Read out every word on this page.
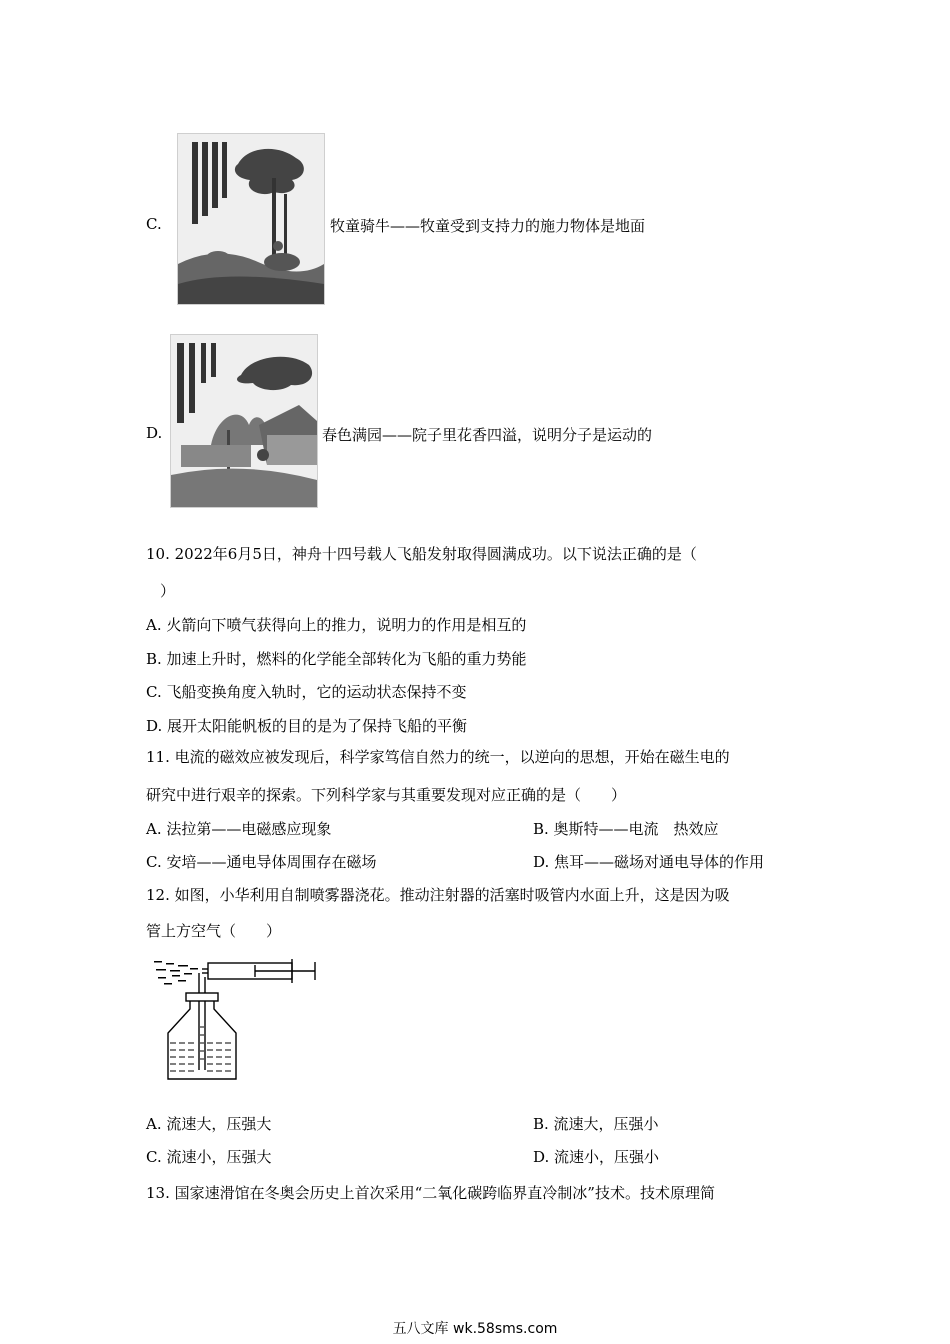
C.	牧童骑牛——牧童受到支持力的施力物体是地面
D.	春色满园——院子里花香四溢，说明分子是运动的
10. 2022年6月5日，神舟十四号载人飞船发射取得圆满成功。以下说法正确的是（
）
A. 火箭向下喷气获得向上的推力，说明力的作用是相互的
B. 加速上升时，燃料的化学能全部转化为飞船的重力势能
C. 飞船变换角度入轨时，它的运动状态保持不变
D. 展开太阳能帆板的目的是为了保持飞船的平衡
11. 电流的磁效应被发现后，科学家笃信自然力的统一，以逆向的思想，开始在磁生电的
研究中进行艰辛的探索。下列科学家与其重要发现对应正确的是（　　）
A. 法拉第——电磁感应现象	B. 奥斯特——电流　热效应
C. 安培——通电导体周围存在磁场	D. 焦耳——磁场对通电导体的作用
12. 如图，小华利用自制喷雾器浇花。推动注射器的活塞时吸管内水面上升，这是因为吸
管上方空气（　　）
A. 流速大，压强大	B. 流速大，压强小
C. 流速小，压强大	D. 流速小，压强小
13. 国家速滑馆在冬奥会历史上首次采用“二氧化碳跨临界直冷制冰”技术。技术原理简
五八文库 wk.58sms.com
